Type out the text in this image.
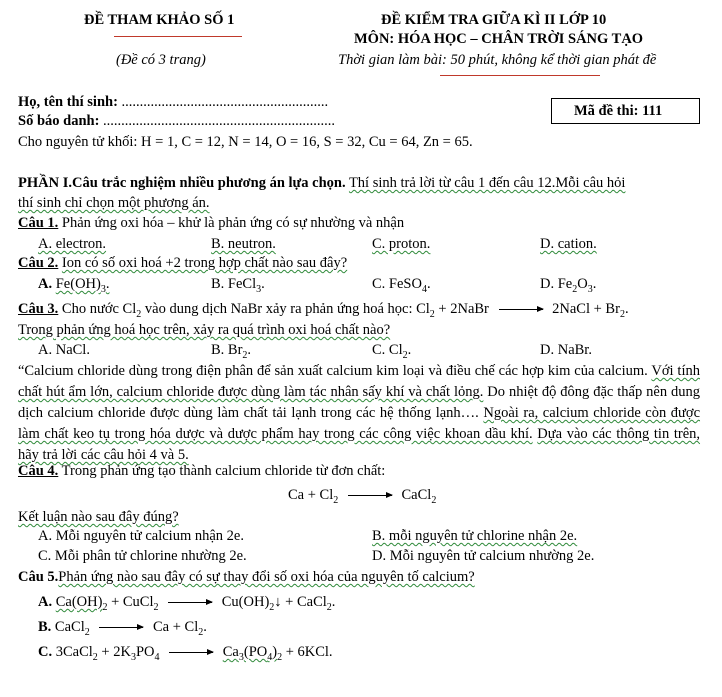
ĐỀ THAM KHẢO SỐ 1
(Đề có 3 trang)
ĐỀ KIỂM TRA GIỮA KÌ II LỚP 10
MÔN: HÓA HỌC – CHÂN TRỜI SÁNG TẠO
Thời gian làm bài: 50 phút, không kể thời gian phát đề
Họ, tên thí sinh: .........................................................
Số báo danh: ................................................................
Mã đề thi: 111
Cho nguyên tử khối: H = 1, C = 12, N = 14, O = 16, S = 32, Cu = 64, Zn = 65.
PHẦN I.Câu trắc nghiệm nhiều phương án lựa chọn. Thí sinh trả lời từ câu 1 đến câu 12.Mỗi câu hỏi
thí sinh chỉ chọn một phương án.
Câu 1. Phản ứng oxi hóa – khử là phản ứng có sự nhường và nhận
A. electron.	B. neutron.	C. proton.	D. cation.
Câu 2. Ion có số oxi hoá +2 trong hợp chất nào sau đây?
A. $Fe(OH)_3$.	B. FeCl$_3$.	C. FeSO$_4$.	D. $Fe_2O_3$.
Câu 3. Cho nước $Cl_2$ vào dung dịch NaBr xảy ra phản ứng hoá học: $Cl_2$ + 2NaBr → 2NaCl + $Br_2$.
Trong phản ứng hoá học trên, xảy ra quá trình oxi hoá chất nào?
A. NaCl.	B. $Br_2$.	C. $Cl_2$.	D. NaBr.
“Calcium chloride dùng trong điện phân để sản xuất calcium kim loại và điều chế các hợp kim của calcium. Với tính chất hút ẩm lớn, calcium chloride được dùng làm tác nhân sấy khí và chất lỏng. Do nhiệt độ đông đặc thấp nên dung dịch calcium chloride được dùng làm chất tải lạnh trong các hệ thống lạnh…. Ngoài ra, calcium chloride còn được làm chất keo tụ trong hóa dược và dược phẩm hay trong các công việc khoan dầu khí. Dựa vào các thông tin trên, hãy trả lời các câu hỏi 4 và 5.
Câu 4. Trong phản ứng tạo thành calcium chloride từ đơn chất:
$Ca + Cl_2$ → CaCl$_2$
Kết luận nào sau đây đúng?
A. Mỗi nguyên tử calcium nhận 2e.	B. mỗi nguyên tử chlorine nhận 2e.
C. Mỗi phân tử chlorine nhường 2e.	D. Mỗi nguyên tử calcium nhường 2e.
Câu 5.Phản ứng nào sau đây có sự thay đổi số oxi hóa của nguyên tố calcium?
A. $Ca(OH)_2$ + CuCl$_2$ → $Cu(OH)_2↓$ + CaCl$_2$.
B. CaCl$_2$ → $Ca + Cl_2$.
C. 3CaCl$_2$ + $2K_3PO_4 \to Ca_3(PO_4)_2 + 6KCl$.
